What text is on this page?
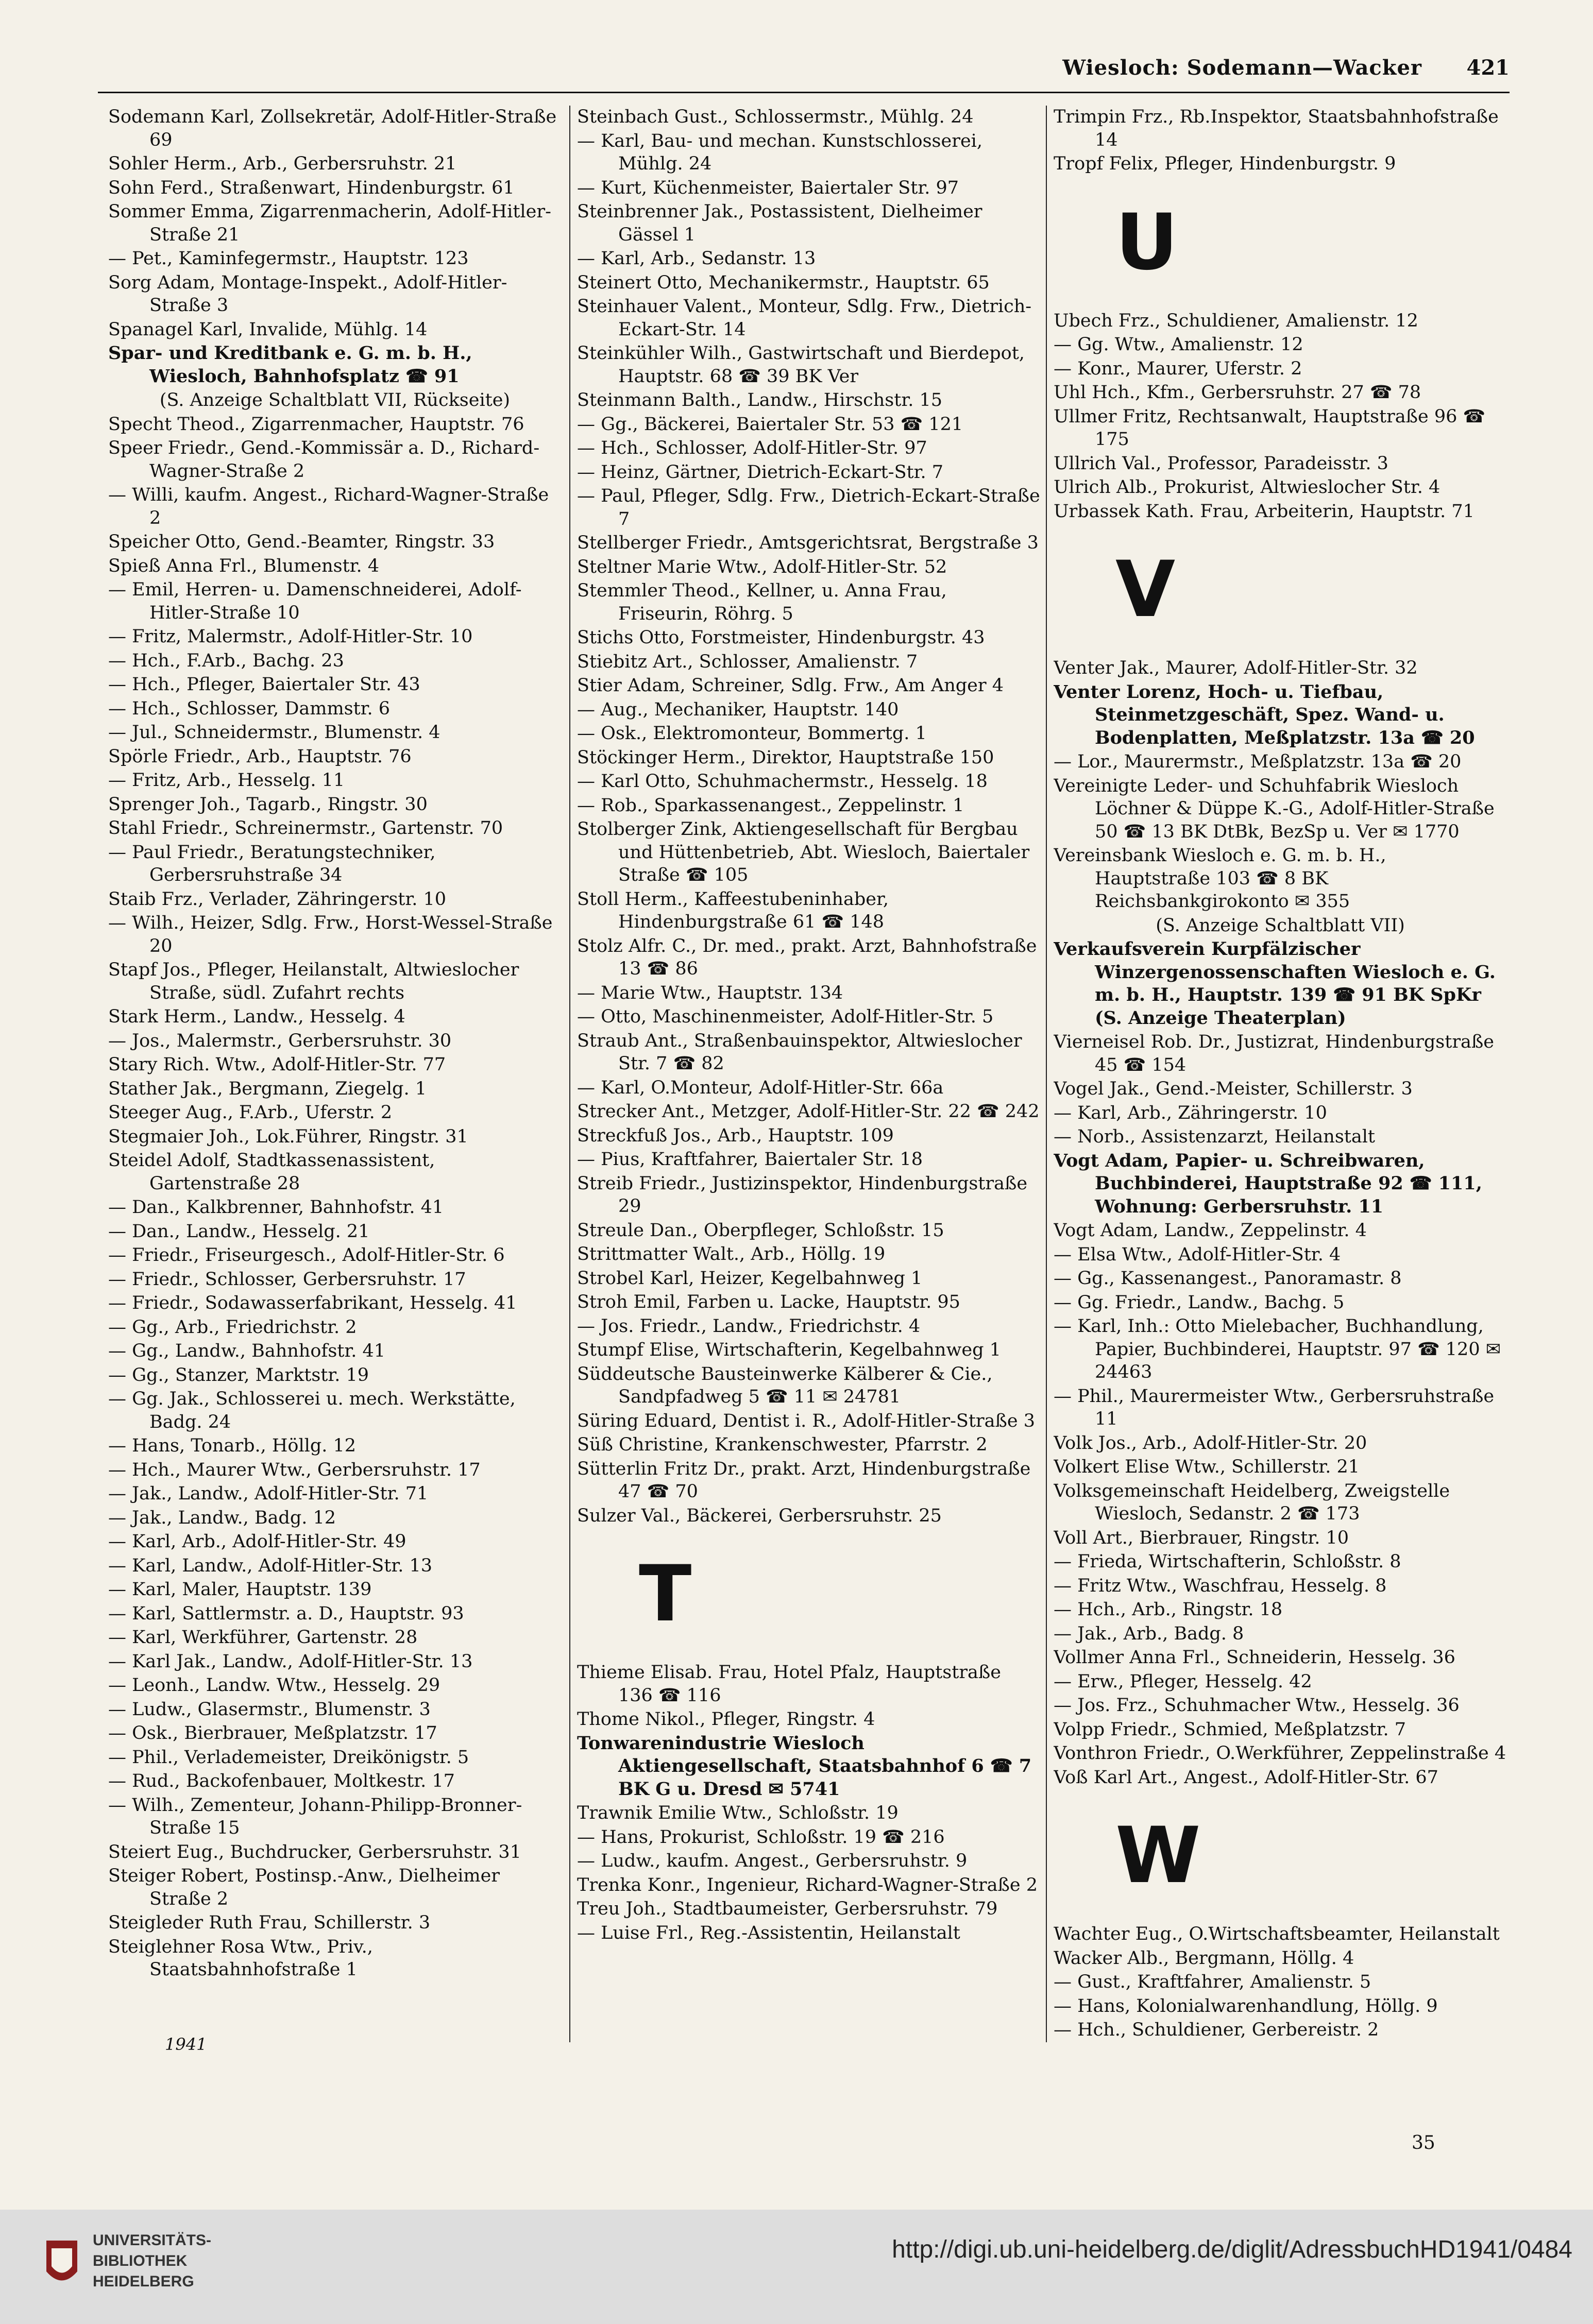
Wiesloch: Sodemann—Wacker 421
Sodemann Karl, Zollsekretär, Adolf-Hitler-Straße 69
Sohler Herm., Arb., Gerbersruhstr. 21
Sohn Ferd., Straßenwart, Hindenburgstr. 61
Sommer Emma, Zigarrenmacherin, Adolf-Hitler-Straße 21
— Pet., Kaminfegermstr., Hauptstr. 123
Sorg Adam, Montage-Inspekt., Adolf-Hitler-Straße 3
Spanagel Karl, Invalide, Mühlg. 14
Spar- und Kreditbank e. G. m. b. H., Wiesloch, Bahnhofsplatz ☎ 91
(S. Anzeige Schaltblatt VII, Rückseite)
Specht Theod., Zigarrenmacher, Hauptstr. 76
Speer Friedr., Gend.-Kommissär a. D., Richard-Wagner-Straße 2
— Willi, kaufm. Angest., Richard-Wagner-Straße 2
Speicher Otto, Gend.-Beamter, Ringstr. 33
Spieß Anna Frl., Blumenstr. 4
— Emil, Herren- u. Damenschneiderei, Adolf-Hitler-Straße 10
— Fritz, Malermstr., Adolf-Hitler-Str. 10
— Hch., F.Arb., Bachg. 23
— Hch., Pfleger, Baiertaler Str. 43
— Hch., Schlosser, Dammstr. 6
— Jul., Schneidermstr., Blumenstr. 4
Spörle Friedr., Arb., Hauptstr. 76
— Fritz, Arb., Hesselg. 11
Sprenger Joh., Tagarb., Ringstr. 30
Stahl Friedr., Schreinermstr., Gartenstr. 70
— Paul Friedr., Beratungstechniker, Gerbersruhstraße 34
Staib Frz., Verlader, Zähringerstr. 10
— Wilh., Heizer, Sdlg. Frw., Horst-Wessel-Straße 20
Stapf Jos., Pfleger, Heilanstalt, Altwieslocher Straße, südl. Zufahrt rechts
Stark Herm., Landw., Hesselg. 4
— Jos., Malermstr., Gerbersruhstr. 30
Stary Rich. Wtw., Adolf-Hitler-Str. 77
Stather Jak., Bergmann, Ziegelg. 1
Steeger Aug., F.Arb., Uferstr. 2
Stegmaier Joh., Lok.Führer, Ringstr. 31
Steidel Adolf, Stadtkassenassistent, Gartenstraße 28
— Dan., Kalkbrenner, Bahnhofstr. 41
— Dan., Landw., Hesselg. 21
— Friedr., Friseurgesch., Adolf-Hitler-Str. 6
— Friedr., Schlosser, Gerbersruhstr. 17
— Friedr., Sodawasserfabrikant, Hesselg. 41
— Gg., Arb., Friedrichstr. 2
— Gg., Landw., Bahnhofstr. 41
— Gg., Stanzer, Marktstr. 19
— Gg. Jak., Schlosserei u. mech. Werkstätte, Badg. 24
— Hans, Tonarb., Höllg. 12
— Hch., Maurer Wtw., Gerbersruhstr. 17
— Jak., Landw., Adolf-Hitler-Str. 71
— Jak., Landw., Badg. 12
— Karl, Arb., Adolf-Hitler-Str. 49
— Karl, Landw., Adolf-Hitler-Str. 13
— Karl, Maler, Hauptstr. 139
— Karl, Sattlermstr. a. D., Hauptstr. 93
— Karl, Werkführer, Gartenstr. 28
— Karl Jak., Landw., Adolf-Hitler-Str. 13
— Leonh., Landw. Wtw., Hesselg. 29
— Ludw., Glasermstr., Blumenstr. 3
— Osk., Bierbrauer, Meßplatzstr. 17
— Phil., Verlademeister, Dreikönigstr. 5
— Rud., Backofenbauer, Moltkestr. 17
— Wilh., Zementeur, Johann-Philipp-Bronner-Straße 15
Steiert Eug., Buchdrucker, Gerbersruhstr. 31
Steiger Robert, Postinsp.-Anw., Dielheimer Straße 2
Steigleder Ruth Frau, Schillerstr. 3
Steiglehner Rosa Wtw., Priv., Staatsbahnhofstraße 1
Steinbach Gust., Schlossermstr., Mühlg. 24
— Karl, Bau- und mechan. Kunstschlosserei, Mühlg. 24
— Kurt, Küchenmeister, Baiertaler Str. 97
Steinbrenner Jak., Postassistent, Dielheimer Gässel 1
— Karl, Arb., Sedanstr. 13
Steinert Otto, Mechanikermstr., Hauptstr. 65
Steinhauer Valent., Monteur, Sdlg. Frw., Dietrich-Eckart-Str. 14
Steinkühler Wilh., Gastwirtschaft und Bierdepot, Hauptstr. 68 ☎ 39 BK Ver
Steinmann Balth., Landw., Hirschstr. 15
— Gg., Bäckerei, Baiertaler Str. 53 ☎ 121
— Hch., Schlosser, Adolf-Hitler-Str. 97
— Heinz, Gärtner, Dietrich-Eckart-Str. 7
— Paul, Pfleger, Sdlg. Frw., Dietrich-Eckart-Straße 7
Stellberger Friedr., Amtsgerichtsrat, Bergstraße 3
Steltner Marie Wtw., Adolf-Hitler-Str. 52
Stemmler Theod., Kellner, u. Anna Frau, Friseurin, Röhrg. 5
Stichs Otto, Forstmeister, Hindenburgstr. 43
Stiebitz Art., Schlosser, Amalienstr. 7
Stier Adam, Schreiner, Sdlg. Frw., Am Anger 4
— Aug., Mechaniker, Hauptstr. 140
— Osk., Elektromonteur, Bommertg. 1
Stöckinger Herm., Direktor, Hauptstraße 150
— Karl Otto, Schuhmachermstr., Hesselg. 18
— Rob., Sparkassenangest., Zeppelinstr. 1
Stolberger Zink, Aktiengesellschaft für Bergbau und Hüttenbetrieb, Abt. Wiesloch, Baiertaler Straße ☎ 105
Stoll Herm., Kaffeestubeninhaber, Hindenburgstraße 61 ☎ 148
Stolz Alfr. C., Dr. med., prakt. Arzt, Bahnhofstraße 13 ☎ 86
— Marie Wtw., Hauptstr. 134
— Otto, Maschinenmeister, Adolf-Hitler-Str. 5
Straub Ant., Straßenbauinspektor, Altwieslocher Str. 7 ☎ 82
— Karl, O.Monteur, Adolf-Hitler-Str. 66a
Strecker Ant., Metzger, Adolf-Hitler-Str. 22 ☎ 242
Streckfuß Jos., Arb., Hauptstr. 109
— Pius, Kraftfahrer, Baiertaler Str. 18
Streib Friedr., Justizinspektor, Hindenburgstraße 29
Streule Dan., Oberpfleger, Schloßstr. 15
Strittmatter Walt., Arb., Höllg. 19
Strobel Karl, Heizer, Kegelbahnweg 1
Stroh Emil, Farben u. Lacke, Hauptstr. 95
— Jos. Friedr., Landw., Friedrichstr. 4
Stumpf Elise, Wirtschafterin, Kegelbahnweg 1
Süddeutsche Bausteinwerke Kälberer & Cie., Sandpfadweg 5 ☎ 11 ✉ 24781
Süring Eduard, Dentist i. R., Adolf-Hitler-Straße 3
Süß Christine, Krankenschwester, Pfarrstr. 2
Sütterlin Fritz Dr., prakt. Arzt, Hindenburgstraße 47 ☎ 70
Sulzer Val., Bäckerei, Gerbersruhstr. 25
T
Thieme Elisab. Frau, Hotel Pfalz, Hauptstraße 136 ☎ 116
Thome Nikol., Pfleger, Ringstr. 4
Tonwarenindustrie Wiesloch Aktiengesellschaft, Staatsbahnhof 6 ☎ 7 BK G u. Dresd ✉ 5741
Trawnik Emilie Wtw., Schloßstr. 19
— Hans, Prokurist, Schloßstr. 19 ☎ 216
— Ludw., kaufm. Angest., Gerbersruhstr. 9
Trenka Konr., Ingenieur, Richard-Wagner-Straße 2
Treu Joh., Stadtbaumeister, Gerbersruhstr. 79
— Luise Frl., Reg.-Assistentin, Heilanstalt
Trimpin Frz., Rb.Inspektor, Staatsbahnhofstraße 14
Tropf Felix, Pfleger, Hindenburgstr. 9
U
Ubech Frz., Schuldiener, Amalienstr. 12
— Gg. Wtw., Amalienstr. 12
— Konr., Maurer, Uferstr. 2
Uhl Hch., Kfm., Gerbersruhstr. 27 ☎ 78
Ullmer Fritz, Rechtsanwalt, Hauptstraße 96 ☎ 175
Ullrich Val., Professor, Paradeisstr. 3
Ulrich Alb., Prokurist, Altwieslocher Str. 4
Urbassek Kath. Frau, Arbeiterin, Hauptstr. 71
V
Venter Jak., Maurer, Adolf-Hitler-Str. 32
Venter Lorenz, Hoch- u. Tiefbau, Steinmetzgeschäft, Spez. Wand- u. Bodenplatten, Meßplatzstr. 13a ☎ 20
— Lor., Maurermstr., Meßplatzstr. 13a ☎ 20
Vereinigte Leder- und Schuhfabrik Wiesloch Löchner & Düppe K.-G., Adolf-Hitler-Straße 50 ☎ 13 BK DtBk, BezSp u. Ver ✉ 1770
Vereinsbank Wiesloch e. G. m. b. H., Hauptstraße 103 ☎ 8 BK Reichsbankgirokonto ✉ 355
(S. Anzeige Schaltblatt VII)
Verkaufsverein Kurpfälzischer Winzergenossenschaften Wiesloch e. G. m. b. H., Hauptstr. 139 ☎ 91 BK SpKr (S. Anzeige Theaterplan)
Vierneisel Rob. Dr., Justizrat, Hindenburgstraße 45 ☎ 154
Vogel Jak., Gend.-Meister, Schillerstr. 3
— Karl, Arb., Zähringerstr. 10
— Norb., Assistenzarzt, Heilanstalt
Vogt Adam, Papier- u. Schreibwaren, Buchbinderei, Hauptstraße 92 ☎ 111, Wohnung: Gerbersruhstr. 11
Vogt Adam, Landw., Zeppelinstr. 4
— Elsa Wtw., Adolf-Hitler-Str. 4
— Gg., Kassenangest., Panoramastr. 8
— Gg. Friedr., Landw., Bachg. 5
— Karl, Inh.: Otto Mielebacher, Buchhandlung, Papier, Buchbinderei, Hauptstr. 97 ☎ 120 ✉ 24463
— Phil., Maurermeister Wtw., Gerbersruhstraße 11
Volk Jos., Arb., Adolf-Hitler-Str. 20
Volkert Elise Wtw., Schillerstr. 21
Volksgemeinschaft Heidelberg, Zweigstelle Wiesloch, Sedanstr. 2 ☎ 173
Voll Art., Bierbrauer, Ringstr. 10
— Frieda, Wirtschafterin, Schloßstr. 8
— Fritz Wtw., Waschfrau, Hesselg. 8
— Hch., Arb., Ringstr. 18
— Jak., Arb., Badg. 8
Vollmer Anna Frl., Schneiderin, Hesselg. 36
— Erw., Pfleger, Hesselg. 42
— Jos. Frz., Schuhmacher Wtw., Hesselg. 36
Volpp Friedr., Schmied, Meßplatzstr. 7
Vonthron Friedr., O.Werkführer, Zeppelinstraße 4
Voß Karl Art., Angest., Adolf-Hitler-Str. 67
W
Wachter Eug., O.Wirtschaftsbeamter, Heilanstalt
Wacker Alb., Bergmann, Höllg. 4
— Gust., Kraftfahrer, Amalienstr. 5
— Hans, Kolonialwarenhandlung, Höllg. 9
— Hch., Schuldiener, Gerbereistr. 2
1941
35
UNIVERSITÄTS-
BIBLIOTHEK
HEIDELBERG
http://digi.ub.uni-heidelberg.de/diglit/AdressbuchHD1941/0484
